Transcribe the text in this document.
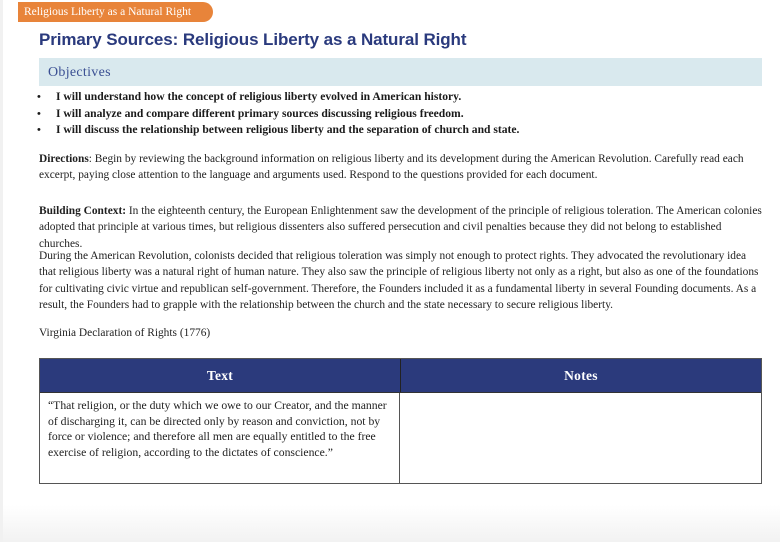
Religious Liberty as a Natural Right
Primary Sources: Religious Liberty as a Natural Right
Objectives
• I will understand how the concept of religious liberty evolved in American history.
• I will analyze and compare different primary sources discussing religious freedom.
• I will discuss the relationship between religious liberty and the separation of church and state.

Directions: Begin by reviewing the background information on religious liberty and its development during the American Revolution. Carefully read each excerpt, paying close attention to the language and arguments used. Respond to the questions provided for each document.

Building Context: In the eighteenth century, the European Enlightenment saw the development of the principle of religious toleration. The American colonies adopted that principle at various times, but religious dissenters also suffered persecution and civil penalties because they did not belong to established churches.

During the American Revolution, colonists decided that religious toleration was simply not enough to protect rights. They advocated the revolutionary idea that religious liberty was a natural right of human nature. They also saw the principle of religious liberty not only as a right, but also as one of the foundations for cultivating civic virtue and republican self-government. Therefore, the Founders included it as a fundamental liberty in several Founding documents. As a result, the Founders had to grapple with the relationship between the church and the state necessary to secure religious liberty.

Virginia Declaration of Rights (1776)
Text	Notes
“That religion, or the duty which we owe to our Creator, and the manner of discharging it, can be directed only by reason and conviction, not by force or violence; and therefore all men are equally entitled to the free exercise of religion, according to the dictates of conscience.”
